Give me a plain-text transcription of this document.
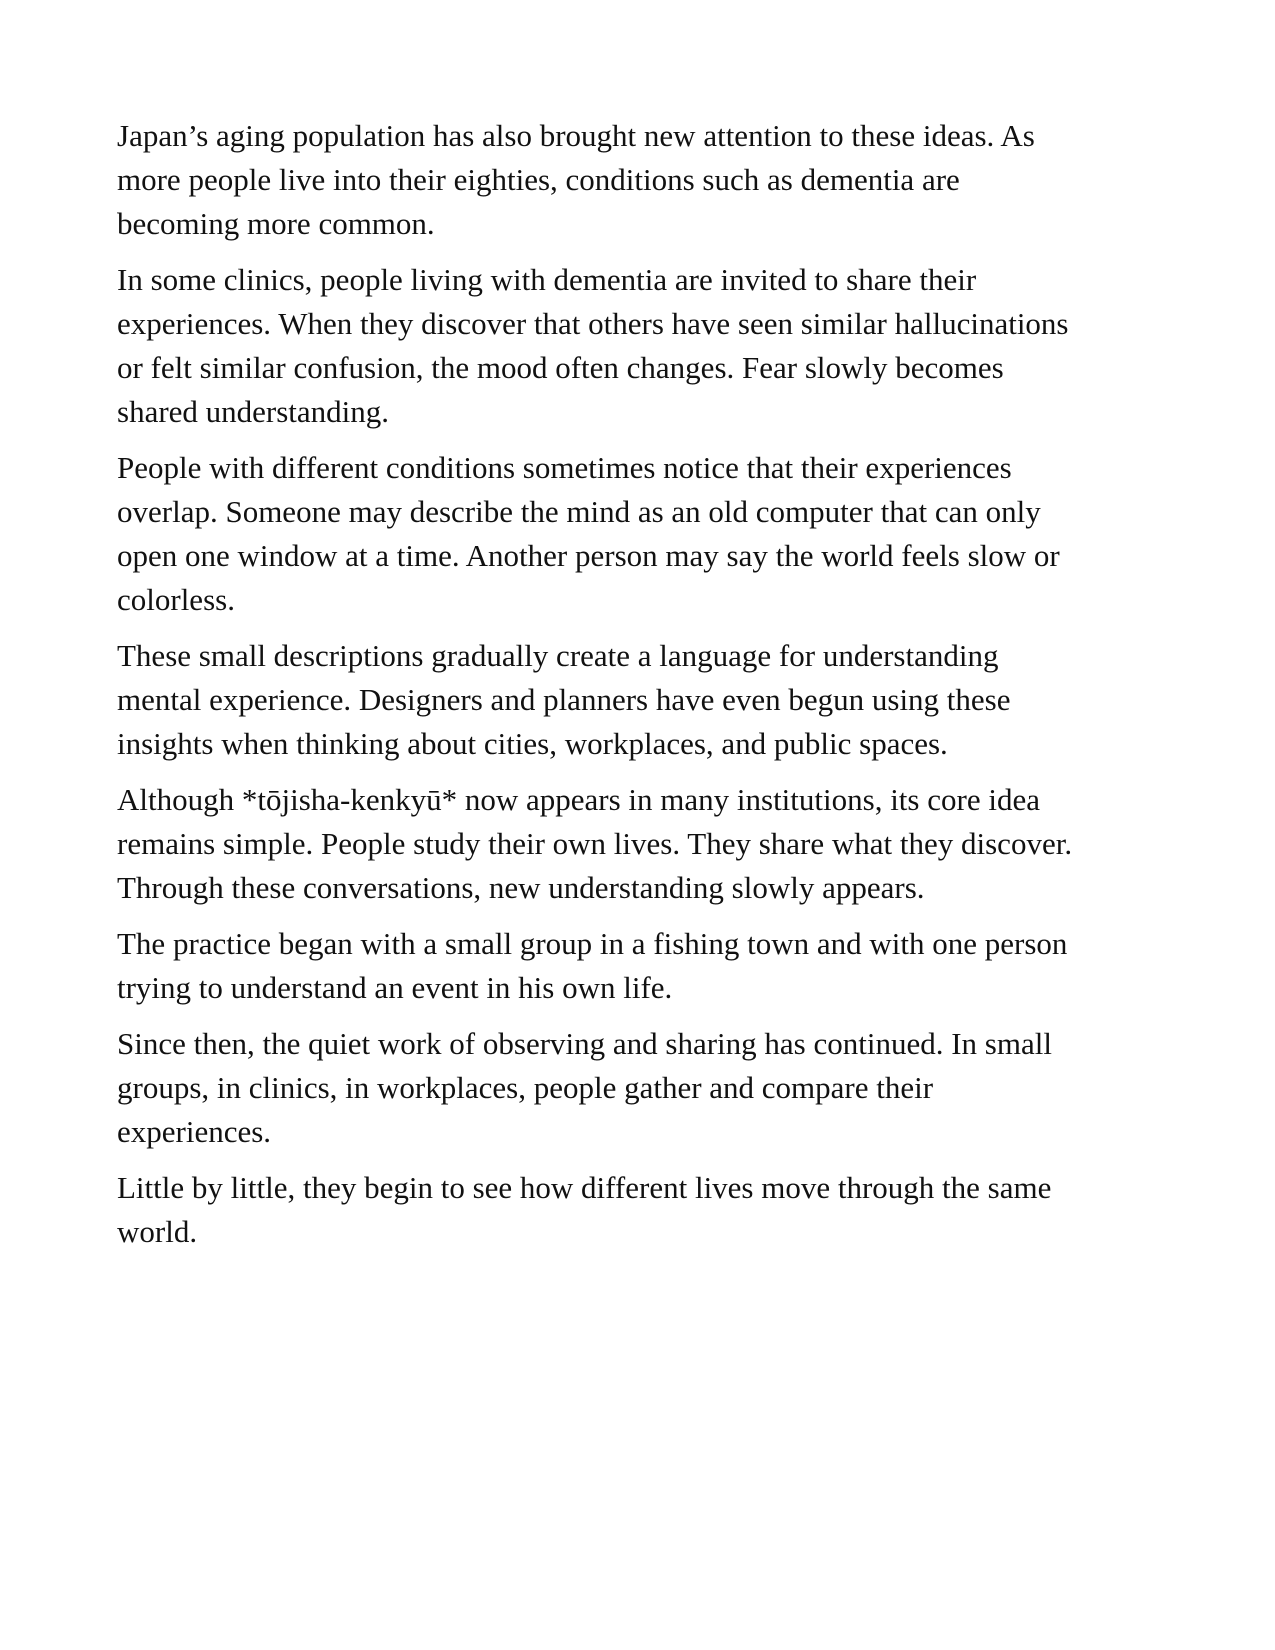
Japan’s aging population has also brought new attention to these ideas. As
more people live into their eighties, conditions such as dementia are
becoming more common.

In some clinics, people living with dementia are invited to share their
experiences. When they discover that others have seen similar hallucinations
or felt similar confusion, the mood often changes. Fear slowly becomes
shared understanding.

People with different conditions sometimes notice that their experiences
overlap. Someone may describe the mind as an old computer that can only
open one window at a time. Another person may say the world feels slow or
colorless.

These small descriptions gradually create a language for understanding
mental experience. Designers and planners have even begun using these
insights when thinking about cities, workplaces, and public spaces.

Although *tōjisha-kenkyū* now appears in many institutions, its core idea
remains simple. People study their own lives. They share what they discover.
Through these conversations, new understanding slowly appears.

The practice began with a small group in a fishing town and with one person
trying to understand an event in his own life.

Since then, the quiet work of observing and sharing has continued. In small
groups, in clinics, in workplaces, people gather and compare their
experiences.

Little by little, they begin to see how different lives move through the same
world.
